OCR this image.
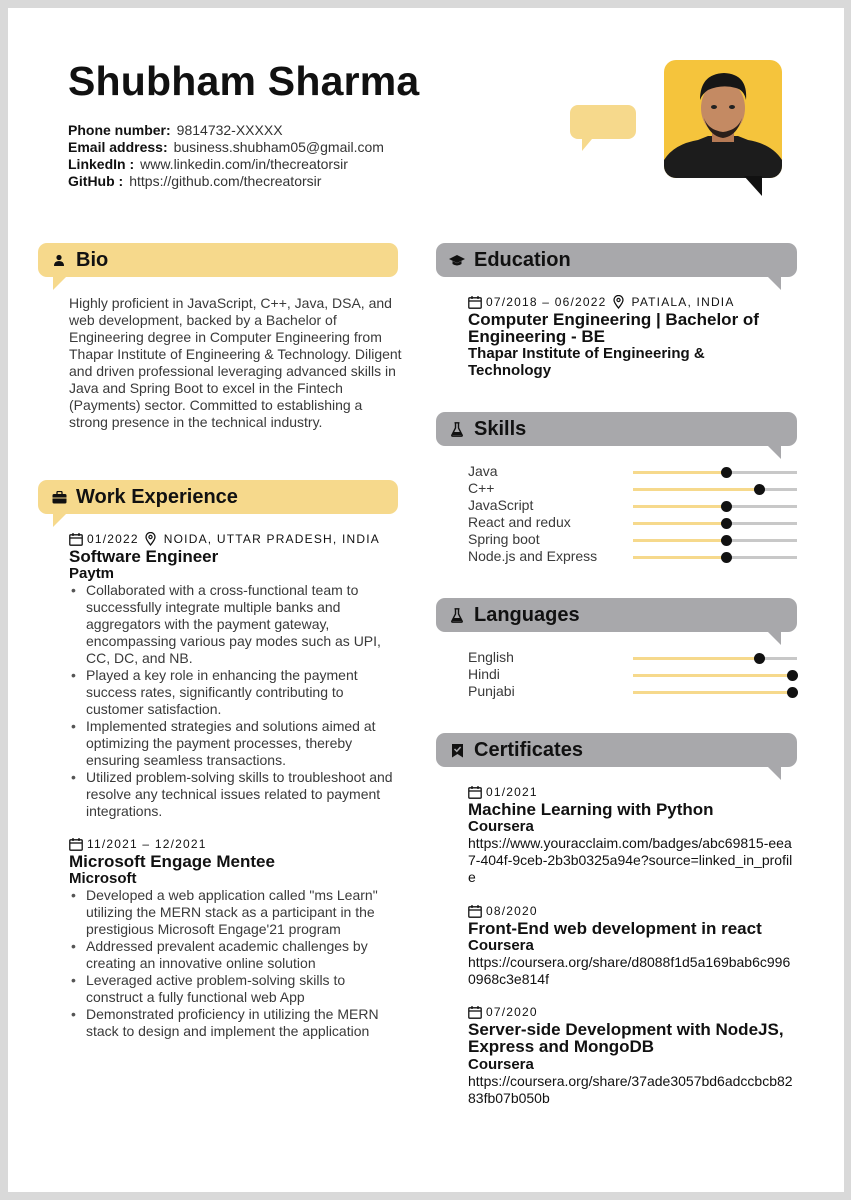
Shubham Sharma
Phone number: 9814732-XXXXX
Email address: business.shubham05@gmail.com
LinkedIn : www.linkedin.com/in/thecreatorsir
GitHub : https://github.com/thecreatorsir
Bio
Highly proficient in JavaScript, C++, Java, DSA, and web development, backed by a Bachelor of Engineering degree in Computer Engineering from Thapar Institute of Engineering & Technology. Diligent and driven professional leveraging advanced skills in Java and Spring Boot to excel in the Fintech (Payments) sector. Committed to establishing a strong presence in the technical industry.
Work Experience
01/2022 NOIDA, UTTAR PRADESH, INDIA
Software Engineer
Paytm
• Collaborated with a cross-functional team to successfully integrate multiple banks and aggregators with the payment gateway, encompassing various pay modes such as UPI, CC, DC, and NB.
• Played a key role in enhancing the payment success rates, significantly contributing to customer satisfaction.
• Implemented strategies and solutions aimed at optimizing the payment processes, thereby ensuring seamless transactions.
• Utilized problem-solving skills to troubleshoot and resolve any technical issues related to payment integrations.
11/2021 – 12/2021
Microsoft Engage Mentee
Microsoft
• Developed a web application called "ms Learn" utilizing the MERN stack as a participant in the prestigious Microsoft Engage'21 program
• Addressed prevalent academic challenges by creating an innovative online solution
• Leveraged active problem-solving skills to construct a fully functional web App
• Demonstrated proficiency in utilizing the MERN stack to design and implement the application
Education
07/2018 – 06/2022 PATIALA, INDIA
Computer Engineering | Bachelor of Engineering - BE
Thapar Institute of Engineering & Technology
Skills
Java
C++
JavaScript
React and redux
Spring boot
Node.js and Express
Languages
English
Hindi
Punjabi
Certificates
01/2021
Machine Learning with Python
Coursera
https://www.youracclaim.com/badges/abc69815-eea7-404f-9ceb-2b3b0325a94e?source=linked_in_profile
08/2020
Front-End web development in react
Coursera
https://coursera.org/share/d8088f1d5a169bab6c9960968c3e814f
07/2020
Server-side Development with NodeJS, Express and MongoDB
Coursera
https://coursera.org/share/37ade3057bd6adccbcb8283fb07b050b
